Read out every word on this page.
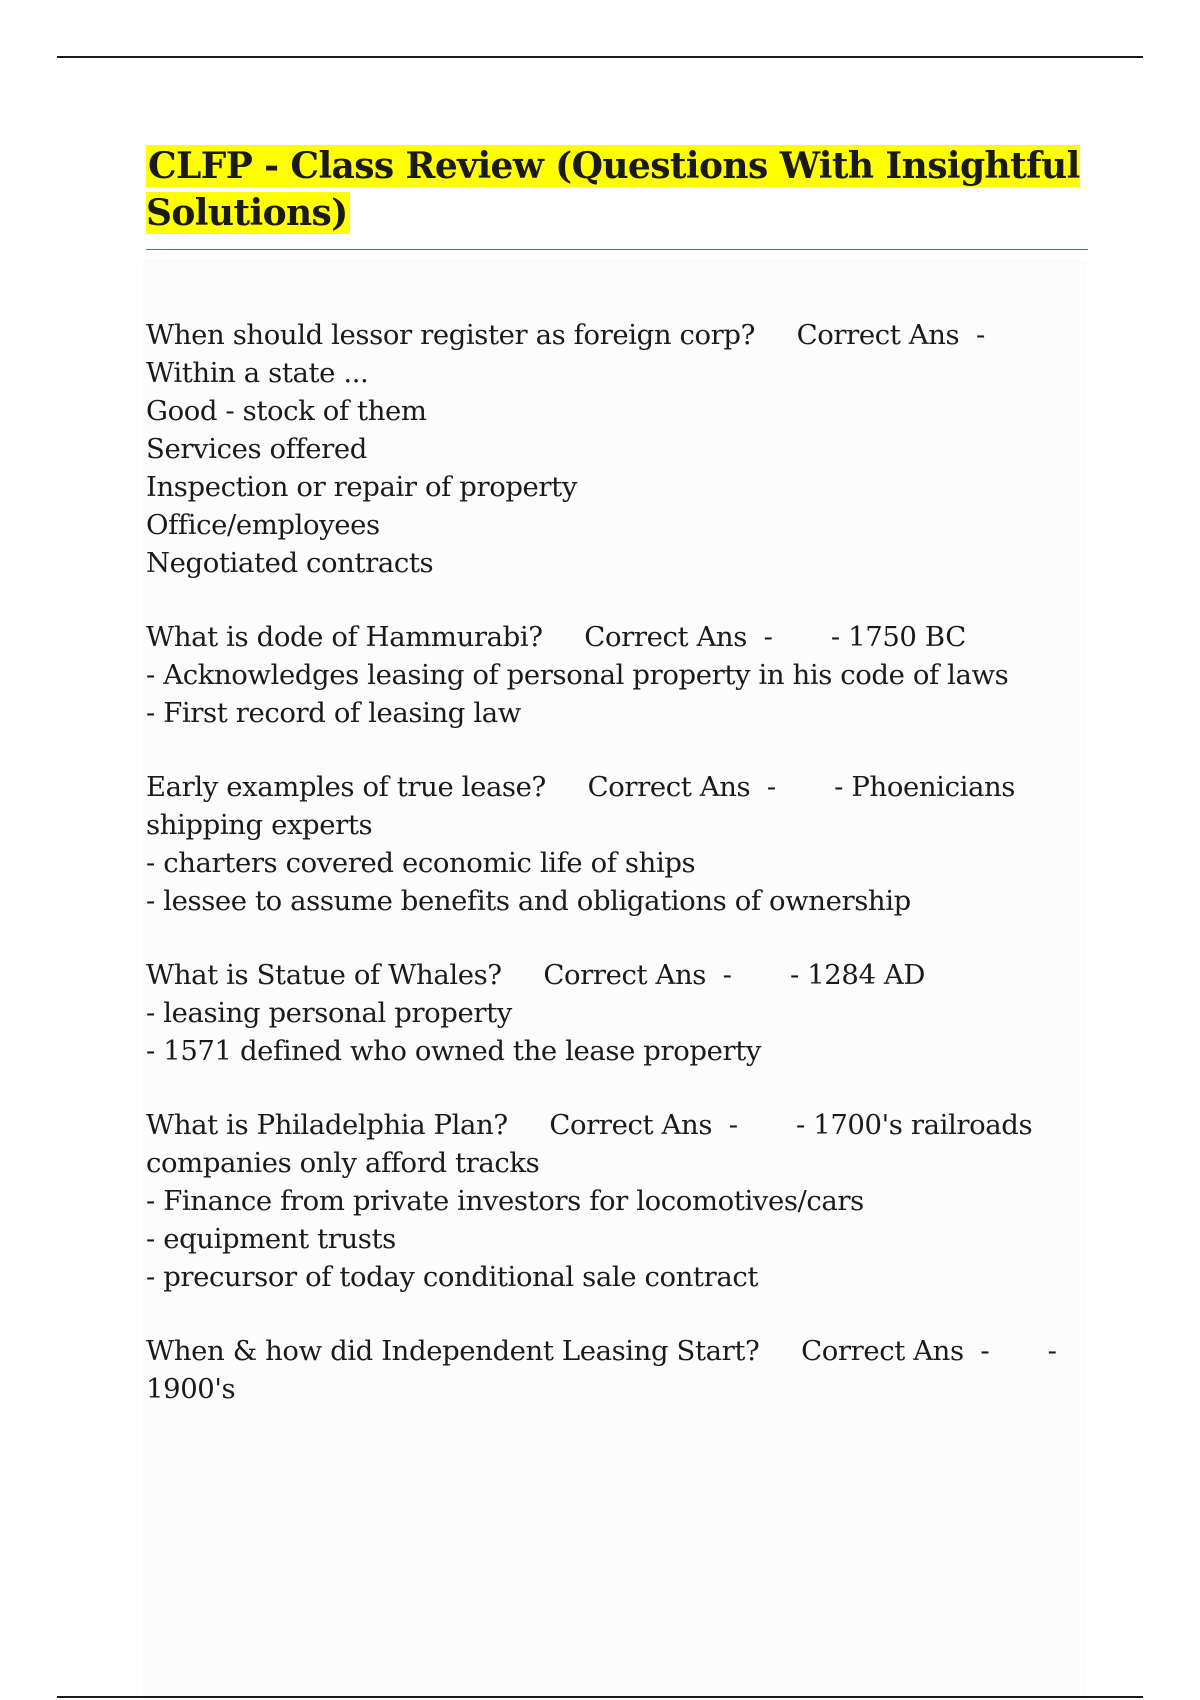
CLFP - Class Review (Questions With Insightful Solutions)
When should lessor register as foreign corp?     Correct Ans  -
Within a state ...
Good - stock of them
Services offered
Inspection or repair of property
Office/employees
Negotiated contracts
What is dode of Hammurabi?     Correct Ans  -       - 1750 BC
- Acknowledges leasing of personal property in his code of laws
- First record of leasing law
Early examples of true lease?     Correct Ans  -       - Phoenicians
shipping experts
- charters covered economic life of ships
- lessee to assume benefits and obligations of ownership
What is Statue of Whales?     Correct Ans  -       - 1284 AD
- leasing personal property
- 1571 defined who owned the lease property
What is Philadelphia Plan?     Correct Ans  -       - 1700's railroads
companies only afford tracks
- Finance from private investors for locomotives/cars
- equipment trusts
- precursor of today conditional sale contract
When & how did Independent Leasing Start?     Correct Ans  -       -
1900's
